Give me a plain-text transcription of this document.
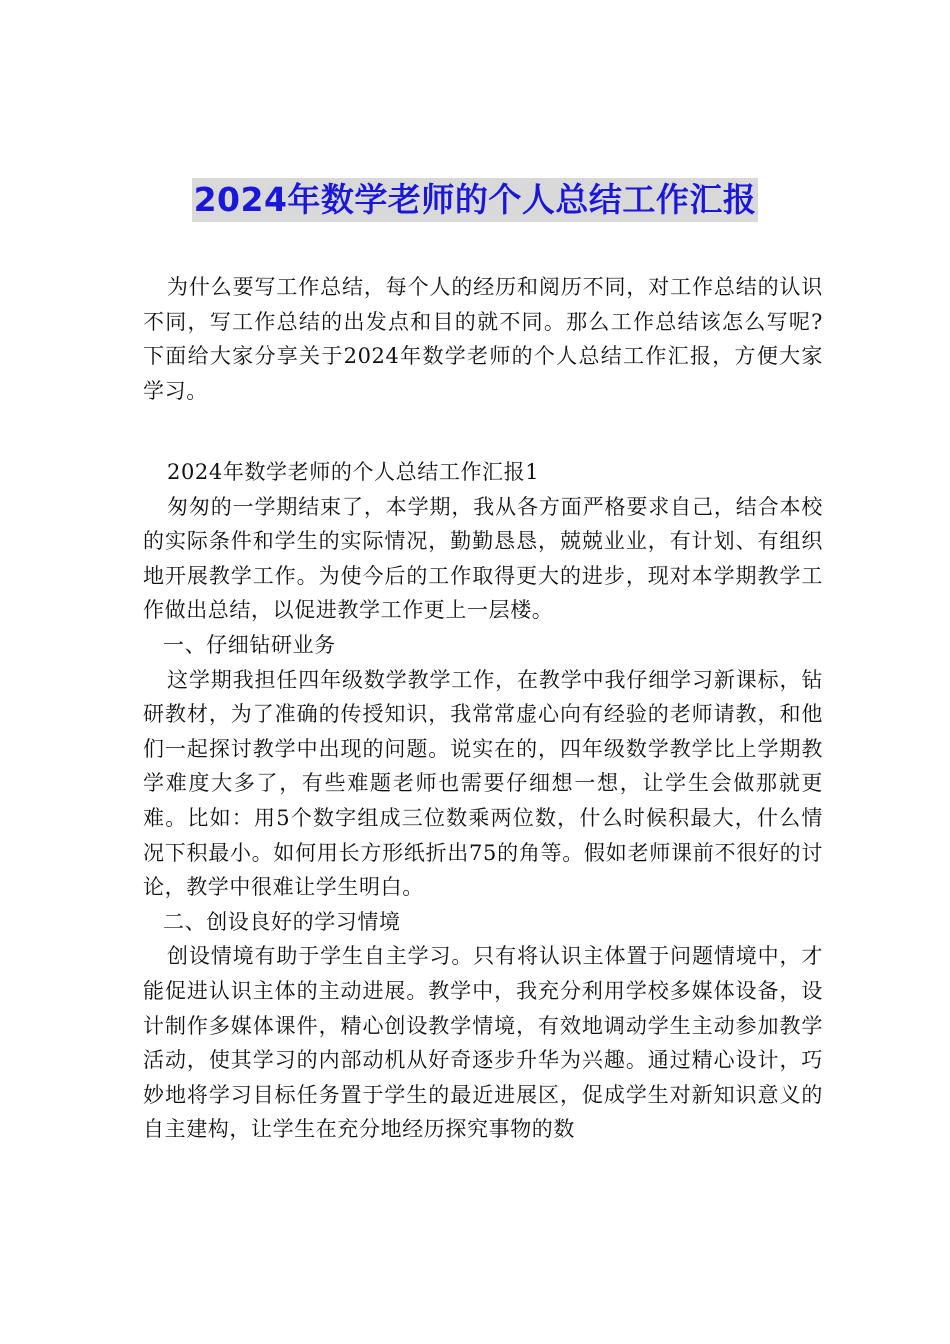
2024年数学老师的个人总结工作汇报

为什么要写工作总结，每个人的经历和阅历不同，对工作总结的认识不同，写工作总结的出发点和目的就不同。那么工作总结该怎么写呢?下面给大家分享关于2024年数学老师的个人总结工作汇报，方便大家学习。

2024年数学老师的个人总结工作汇报1

匆匆的一学期结束了，本学期，我从各方面严格要求自己，结合本校的实际条件和学生的实际情况，勤勤恳恳，兢兢业业，有计划、有组织地开展教学工作。为使今后的工作取得更大的进步，现对本学期教学工作做出总结，以促进教学工作更上一层楼。

一、仔细钻研业务

这学期我担任四年级数学教学工作，在教学中我仔细学习新课标，钻研教材，为了准确的传授知识，我常常虚心向有经验的老师请教，和他们一起探讨教学中出现的问题。说实在的，四年级数学教学比上学期教学难度大多了，有些难题老师也需要仔细想一想，让学生会做那就更难。比如：用5个数字组成三位数乘两位数，什么时候积最大，什么情况下积最小。如何用长方形纸折出75的角等。假如老师课前不很好的讨论，教学中很难让学生明白。

二、创设良好的学习情境

创设情境有助于学生自主学习。只有将认识主体置于问题情境中，才能促进认识主体的主动进展。教学中，我充分利用学校多媒体设备，设计制作多媒体课件，精心创设教学情境，有效地调动学生主动参加教学活动，使其学习的内部动机从好奇逐步升华为兴趣。通过精心设计，巧妙地将学习目标任务置于学生的最近进展区，促成学生对新知识意义的自主建构，让学生在充分地经历探究事物的数
